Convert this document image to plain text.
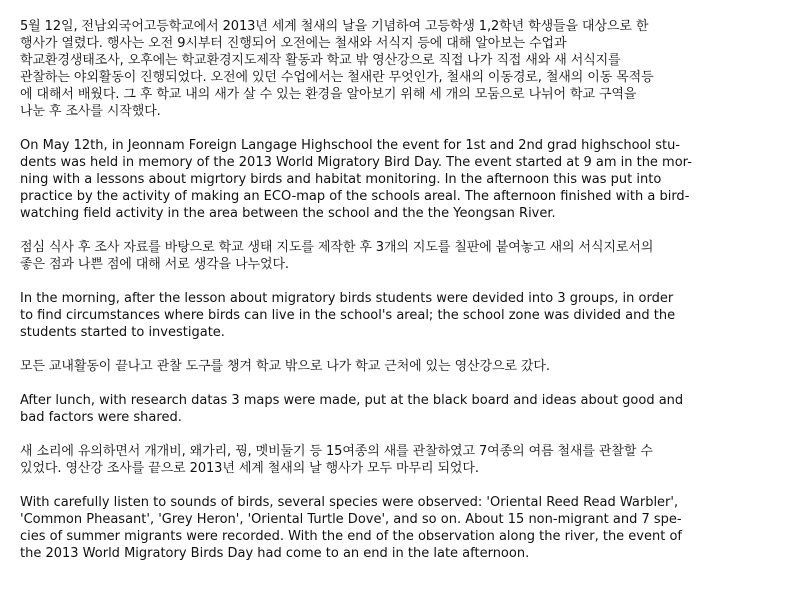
5월 12일, 전남외국어고등학교에서 2013년 세계 철새의 날을 기념하여 고등학생 1,2학년 학생들을 대상으로 한
행사가 열렸다. 행사는 오전 9시부터 진행되어 오전에는 철새와 서식지 등에 대해 알아보는 수업과
학교환경생태조사, 오후에는 학교환경지도제작 활동과 학교 밖 영산강으로 직접 나가 직접 새와 새 서식지를
관찰하는 야외활동이 진행되었다. 오전에 있던 수업에서는 철새란 무엇인가, 철새의 이동경로, 철새의 이동 목적등
에 대해서 배웠다. 그 후 학교 내의 새가 살 수 있는 환경을 알아보기 위해 세 개의 모둠으로 나뉘어 학교 구역을
나눈 후 조사를 시작했다.

On May 12th, in Jeonnam Foreign Langage Highschool the event for 1st and 2nd grad highschool stu-
dents was held in memory of the 2013 World Migratory Bird Day. The event started at 9 am in the mor-
ning with a lessons about migrtory birds and habitat monitoring. In the afternoon this was put into
practice by the activity of making an ECO-map of the schools areal. The afternoon finished with a bird-
watching field activity in the area between the school and the the Yeongsan River.

점심 식사 후 조사 자료를 바탕으로 학교 생태 지도를 제작한 후 3개의 지도를 칠판에 붙여놓고 새의 서식지로서의
좋은 점과 나쁜 점에 대해 서로 생각을 나누었다.

In the morning, after the lesson about migratory birds students were devided into 3 groups, in order
to find circumstances where birds can live in the school's areal; the school zone was divided and the
students started to investigate.

모든 교내활동이 끝나고 관찰 도구를 챙겨 학교 밖으로 나가 학교 근처에 있는 영산강으로 갔다.

After lunch, with research datas 3 maps were made, put at the black board and ideas about good and
bad factors were shared.

새 소리에 유의하면서 개개비, 왜가리, 꿩, 멧비둘기 등 15여종의 새를 관찰하였고 7여종의 여름 철새를 관찰할 수
있었다. 영산강 조사를 끝으로 2013년 세계 철새의 날 행사가 모두 마무리 되었다.

With carefully listen to sounds of birds, several species were observed: 'Oriental Reed Read Warbler',
'Common Pheasant', 'Grey Heron', 'Oriental Turtle Dove', and so on. About 15 non-migrant and 7 spe-
cies of summer migrants were recorded. With the end of the observation along the river, the event of
the 2013 World Migratory Birds Day had come to an end in the late afternoon.
